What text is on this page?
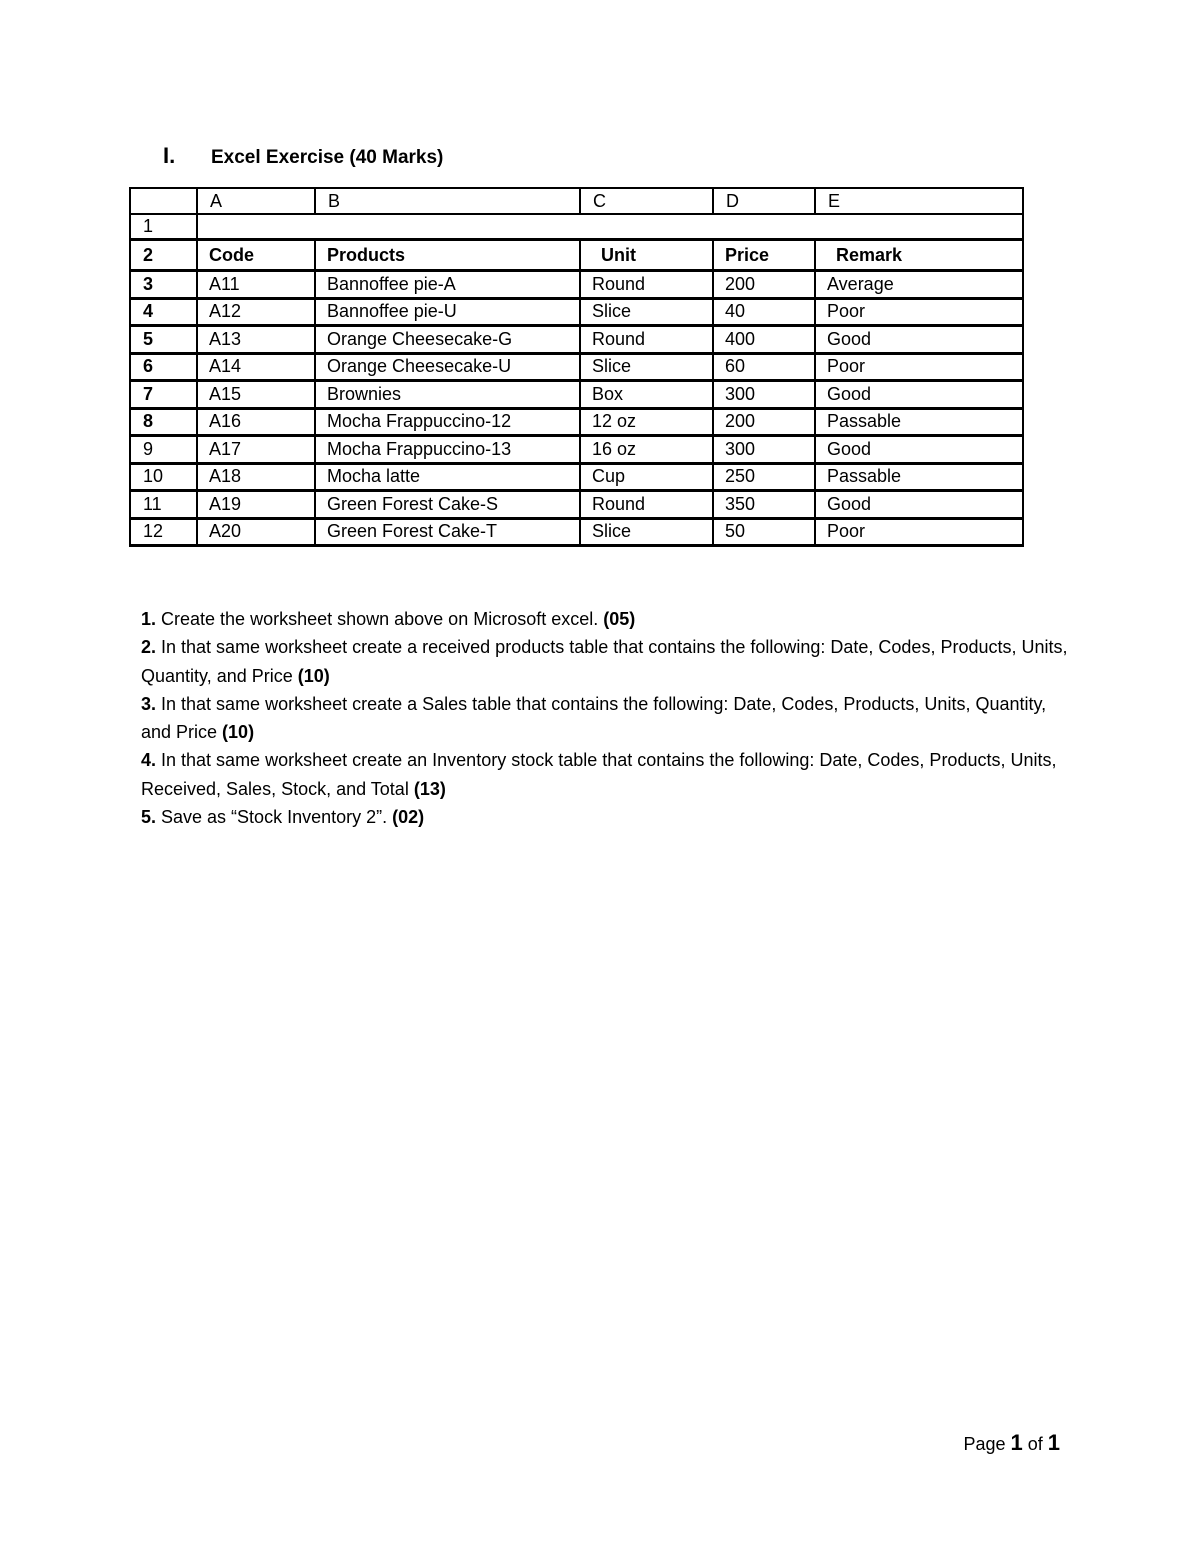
I. Excel Exercise (40 Marks)
	A	B	C	D	E
1					
2	Code	Products	Unit	Price	Remark
3	A11	Bannoffee pie-A	Round	200	Average
4	A12	Bannoffee pie-U	Slice	40	Poor
5	A13	Orange Cheesecake-G	Round	400	Good
6	A14	Orange Cheesecake-U	Slice	60	Poor
7	A15	Brownies	Box	300	Good
8	A16	Mocha Frappuccino-12	12 oz	200	Passable
9	A17	Mocha Frappuccino-13	16 oz	300	Good
10	A18	Mocha latte	Cup	250	Passable
11	A19	Green Forest Cake-S	Round	350	Good
12	A20	Green Forest Cake-T	Slice	50	Poor

1. Create the worksheet shown above on Microsoft excel. (05)

2. In that same worksheet create a received products table that contains the following: Date, Codes, Products, Units, Quantity, and Price (10)

3. In that same worksheet create a Sales table that contains the following: Date, Codes, Products, Units, Quantity, and Price (10)

4. In that same worksheet create an Inventory stock table that contains the following: Date, Codes, Products, Units, Received, Sales, Stock, and Total (13)

5. Save as “Stock Inventory 2”. (02)

Page 1 of 1
